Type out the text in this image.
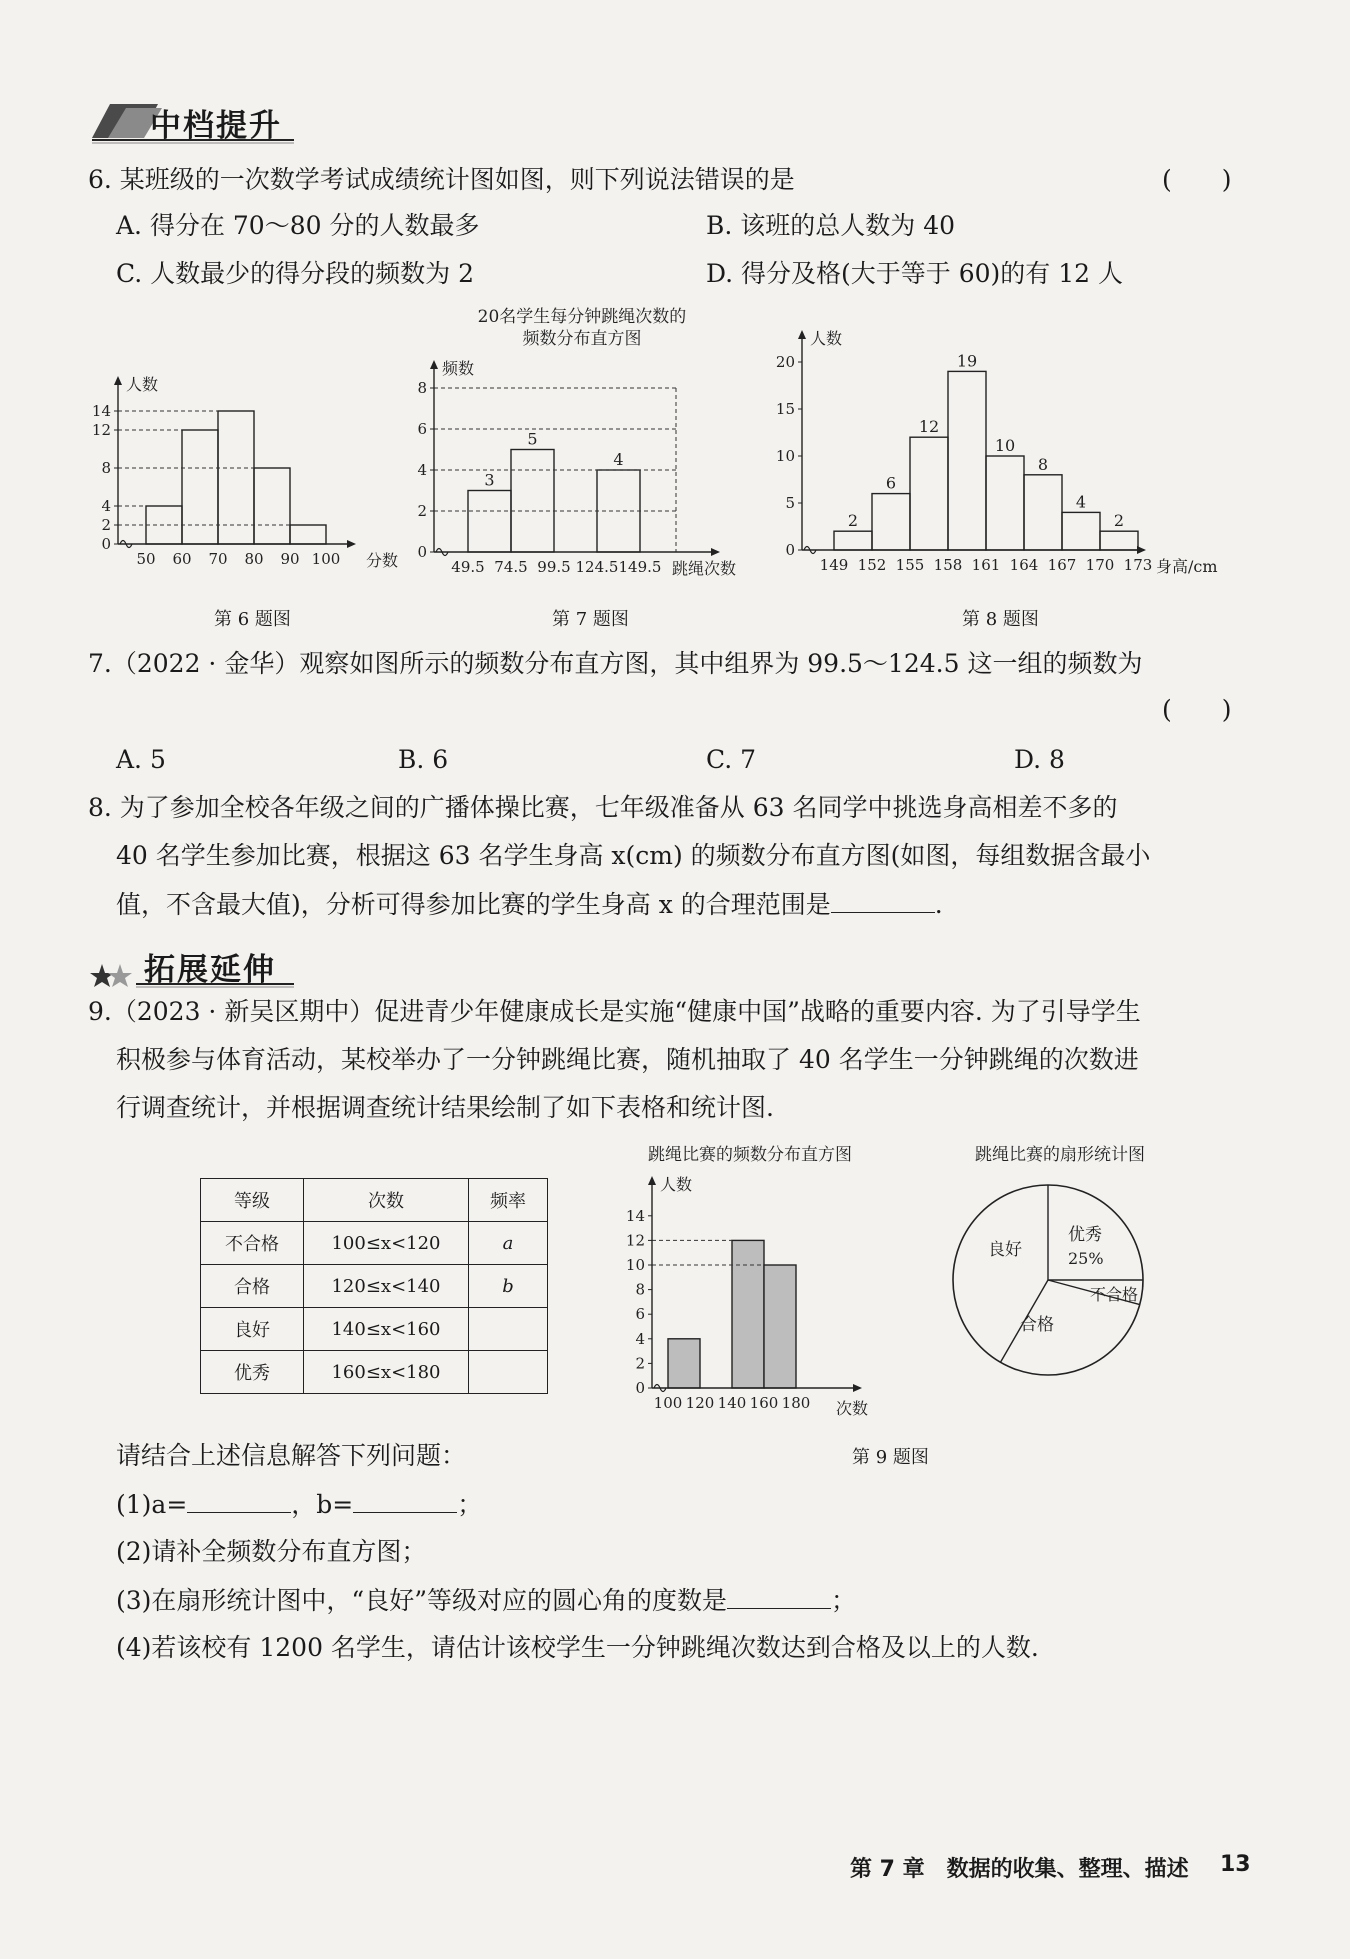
中档提升
6. 某班级的一次数学考试成绩统计图如图，则下列说法错误的是	(　　)
A. 得分在 70～80 分的人数最多	B. 该班的总人数为 40
C. 人数最少的得分段的频数为 2	D. 得分及格(大于等于 60)的有 12 人
0
2
4
8
12
14
50 60 70 80 90 100
人数
分数
第 6 题图
20名学生每分钟跳绳次数的
频数分布直方图
3
5
4
0
2
4
6
8
49.5 74.5 99.5 124.5 149.5
频数
跳绳次数
第 7 题图
2
6
12
19
10
8
4
2
0
5
10
15
20
149 152 155 158 161 164 167 170 173
人数
身高/cm
第 8 题图
7.（2022 · 金华）观察如图所示的频数分布直方图，其中组界为 99.5～124.5 这一组的频数为
(　　)
A. 5	B. 6	C. 7	D. 8
8. 为了参加全校各年级之间的广播体操比赛，七年级准备从 63 名同学中挑选身高相差不多的
40 名学生参加比赛，根据这 63 名学生身高 x(cm) 的频数分布直方图(如图，每组数据含最小
值，不含最大值)，分析可得参加比赛的学生身高 x 的合理范围是	.
拓展延伸
9.（2023 · 新吴区期中）促进青少年健康成长是实施“健康中国”战略的重要内容. 为了引导学生
积极参与体育活动，某校举办了一分钟跳绳比赛，随机抽取了 40 名学生一分钟跳绳的次数进
行调查统计，并根据调查统计结果绘制了如下表格和统计图.
等级	次数	频率
不合格	100≤x<120	a
合格	120≤x<140	b
良好	140≤x<160	
优秀	160≤x<180	
跳绳比赛的频数分布直方图
0
2
4
6
8
10
12
14
100 120 140 160 180
人数
次数
跳绳比赛的扇形统计图
良好
优秀
25%
不合格
合格
第 9 题图
请结合上述信息解答下列问题：
(1)a=	，b=	；
(2)请补全频数分布直方图；
(3)在扇形统计图中，“良好”等级对应的圆心角的度数是	；
(4)若该校有 1200 名学生，请估计该校学生一分钟跳绳次数达到合格及以上的人数.
第 7 章　数据的收集、整理、描述 13
